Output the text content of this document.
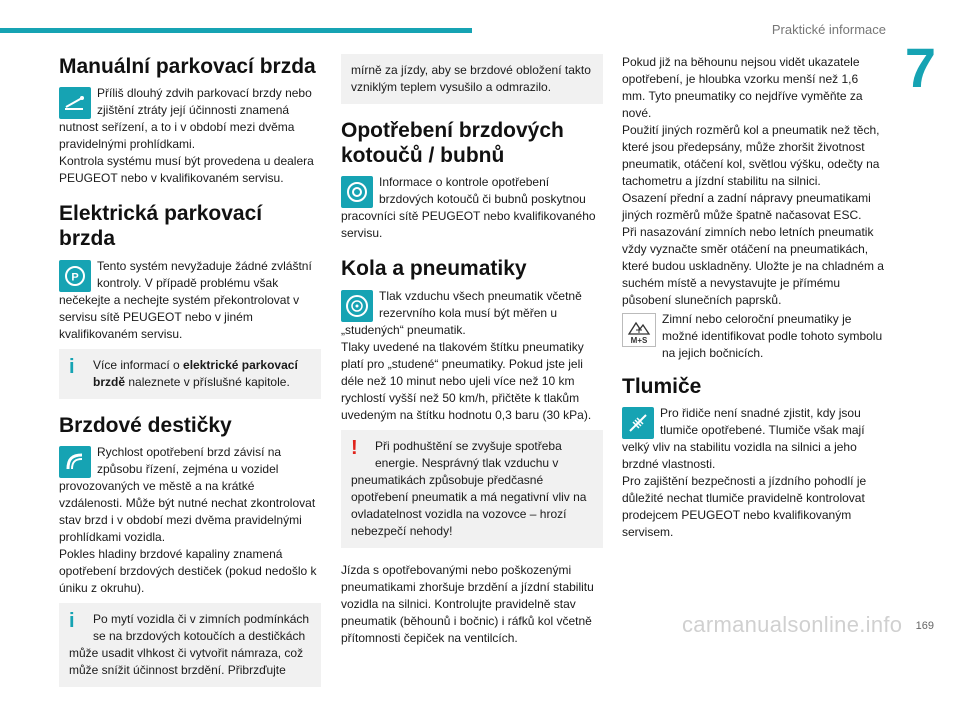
Praktické informace
7
Manuální parkovací brzda

Příliš dlouhý zdvih parkovací brzdy nebo zjištění ztráty její účinnosti znamená nutnost seřízení, a to i v období mezi dvěma pravidelnými prohlídkami.

Kontrola systému musí být provedena u dealera PEUGEOT nebo v kvalifikovaném servisu.

Elektrická parkovací brzda
P

Tento systém nevyžaduje žádné zvláštní kontroly. V případě problému však nečekejte a nechejte systém překontrolovat v servisu sítě PEUGEOT nebo v jiném kvalifikovaném servisu.

i	Více informací o elektrické parkovací brzdě naleznete v příslušné kapitole.
Brzdové destičky

Rychlost opotřebení brzd závisí na způsobu řízení, zejména u vozidel provozovaných ve městě a na krátké vzdálenosti. Může být nutné nechat zkontrolovat stav brzd i v období mezi dvěma pravidelnými prohlídkami vozidla.

Pokles hladiny brzdové kapaliny znamená opotřebení brzdových destiček (pokud nedošlo k úniku z okruhu).

i	Po mytí vozidla či v zimních podmínkách se na brzdových kotoučích a destičkách může usadit vlhkost či vytvořit námraza, což může snížit účinnost brzdění. Přibrzďujte
mírně za jízdy, aby se brzdové obložení takto vzniklým teplem vysušilo a odmrazilo.
Opotřebení brzdových kotoučů / bubnů

Informace o kontrole opotřebení brzdových kotoučů či bubnů poskytnou pracovníci sítě PEUGEOT nebo kvalifikovaného servisu.

Kola a pneumatiky

Tlak vzduchu všech pneumatik včetně rezervního kola musí být měřen u „studených“ pneumatik.

Tlaky uvedené na tlakovém štítku pneumatiky platí pro „studené“ pneumatiky. Pokud jste jeli déle než 10 minut nebo ujeli více než 10 km rychlostí vyšší než 50 km/h, přičtěte k tlakům uvedeným na štítku hodnotu 0,3 baru (30 kPa).

!	Při podhuštění se zvyšuje spotřeba energie. Nesprávný tlak vzduchu v pneumatikách způsobuje předčasné opotřebení pneumatik a má negativní vliv na ovladatelnost vozidla na vozovce – hrozí nebezpečí nehody!

Jízda s opotřebovanými nebo poškozenými pneumatikami zhoršuje brzdění a jízdní stabilitu vozidla na silnici. Kontrolujte pravidelně stav pneumatik (běhounů i bočnic) i ráfků kol včetně přítomnosti čepiček na ventilcích.

Pokud již na běhounu nejsou vidět ukazatele opotřebení, je hloubka vzorku menší než 1,6 mm. Tyto pneumatiky co nejdříve vyměňte za nové.

Použití jiných rozměrů kol a pneumatik než těch, které jsou předepsány, může zhoršit životnost pneumatik, otáčení kol, světlou výšku, odečty na tachometru a jízdní stabilitu na silnici.

Osazení přední a zadní nápravy pneumatikami jiných rozměrů může špatně načasovat ESC.

Při nasazování zimních nebo letních pneumatik vždy vyznačte směr otáčení na pneumatikách, které budou uskladněny. Uložte je na chladném a suchém místě a nevystavujte je přímému působení slunečních paprsků.

M+S

Zimní nebo celoroční pneumatiky je možné identifikovat podle tohoto symbolu na jejich bočnicích.

Tlumiče

Pro řidiče není snadné zjistit, kdy jsou tlumiče opotřebené. Tlumiče však mají velký vliv na stabilitu vozidla na silnici a jeho brzdné vlastnosti.

Pro zajištění bezpečnosti a jízdního pohodlí je důležité nechat tlumiče pravidelně kontrolovat prodejcem PEUGEOT nebo kvalifikovaným servisem.

169
carmanualsonline.info
